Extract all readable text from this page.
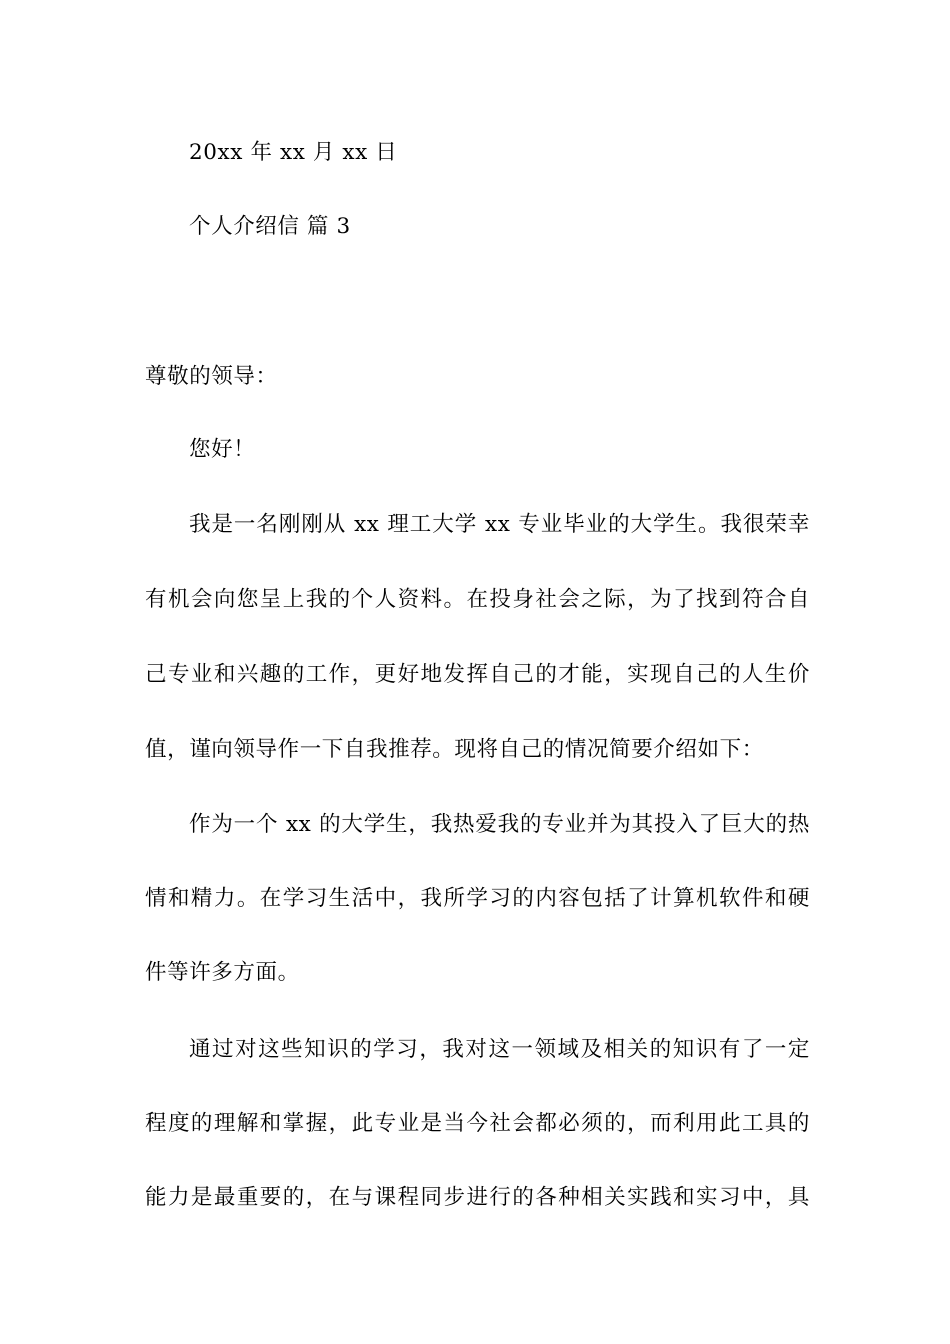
20xx 年 xx 月 xx 日
个人介绍信 篇 3
尊敬的领导：
您好！
我是一名刚刚从 xx 理工大学 xx 专业毕业的大学生。我很荣幸
有机会向您呈上我的个人资料。在投身社会之际，为了找到符合自
己专业和兴趣的工作，更好地发挥自己的才能，实现自己的人生价
值，谨向领导作一下自我推荐。现将自己的情况简要介绍如下：
作为一个 xx 的大学生，我热爱我的专业并为其投入了巨大的热
情和精力。在学习生活中，我所学习的内容包括了计算机软件和硬
件等许多方面。
通过对这些知识的学习，我对这一领域及相关的知识有了一定
程度的理解和掌握，此专业是当今社会都必须的，而利用此工具的
能力是最重要的，在与课程同步进行的各种相关实践和实习中，具
